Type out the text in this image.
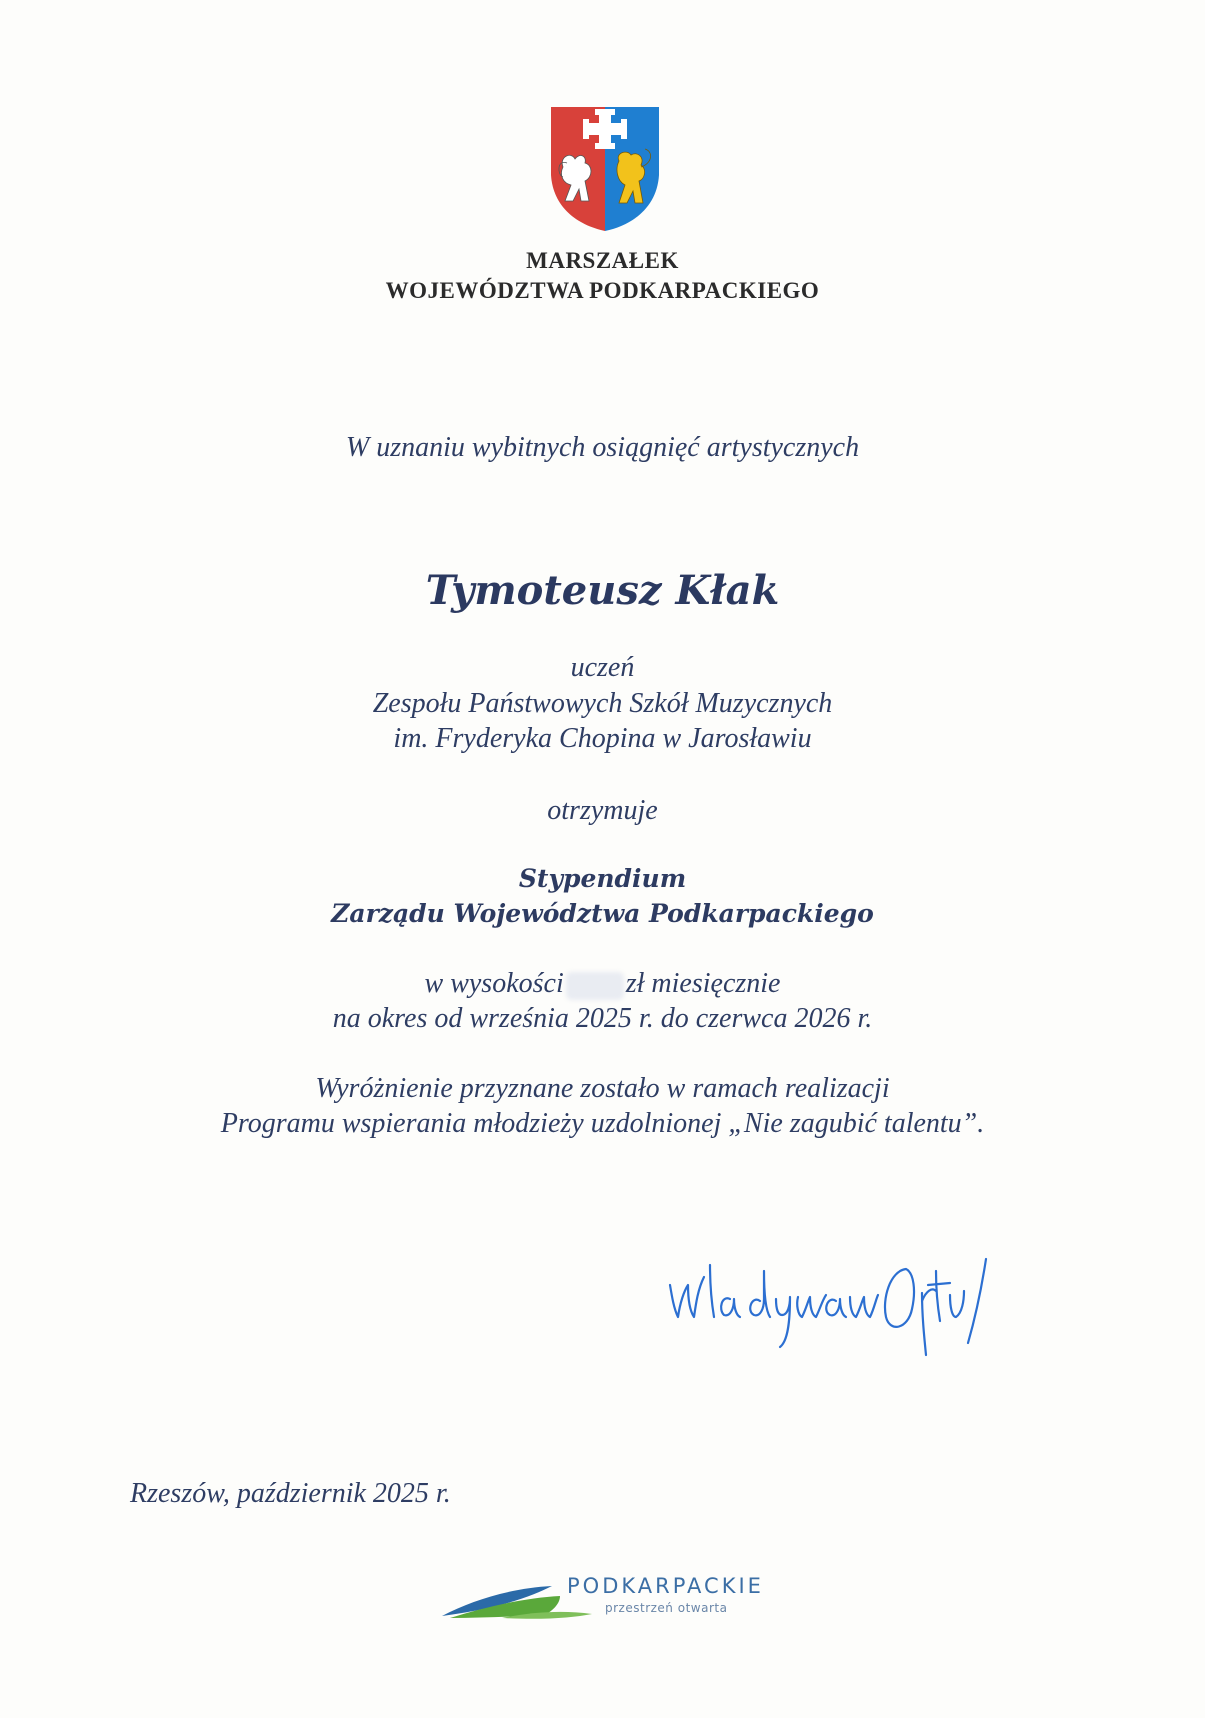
MARSZAŁEK
WOJEWÓDZTWA PODKARPACKIEGO
W uznaniu wybitnych osiągnięć artystycznych
Tymoteusz Kłak
uczeń
Zespołu Państwowych Szkół Muzycznych
im. Fryderyka Chopina w Jarosławiu
otrzymuje
Stypendium
Zarządu Województwa Podkarpackiego
w wysokości zł miesięcznie
na okres od września 2025 r. do czerwca 2026 r.
Wyróżnienie przyznane zostało w ramach realizacji
Programu wspierania młodzieży uzdolnionej „Nie zagubić talentu”.
Rzeszów, październik 2025 r.
PODKARPACKIE
przestrzeń otwarta
